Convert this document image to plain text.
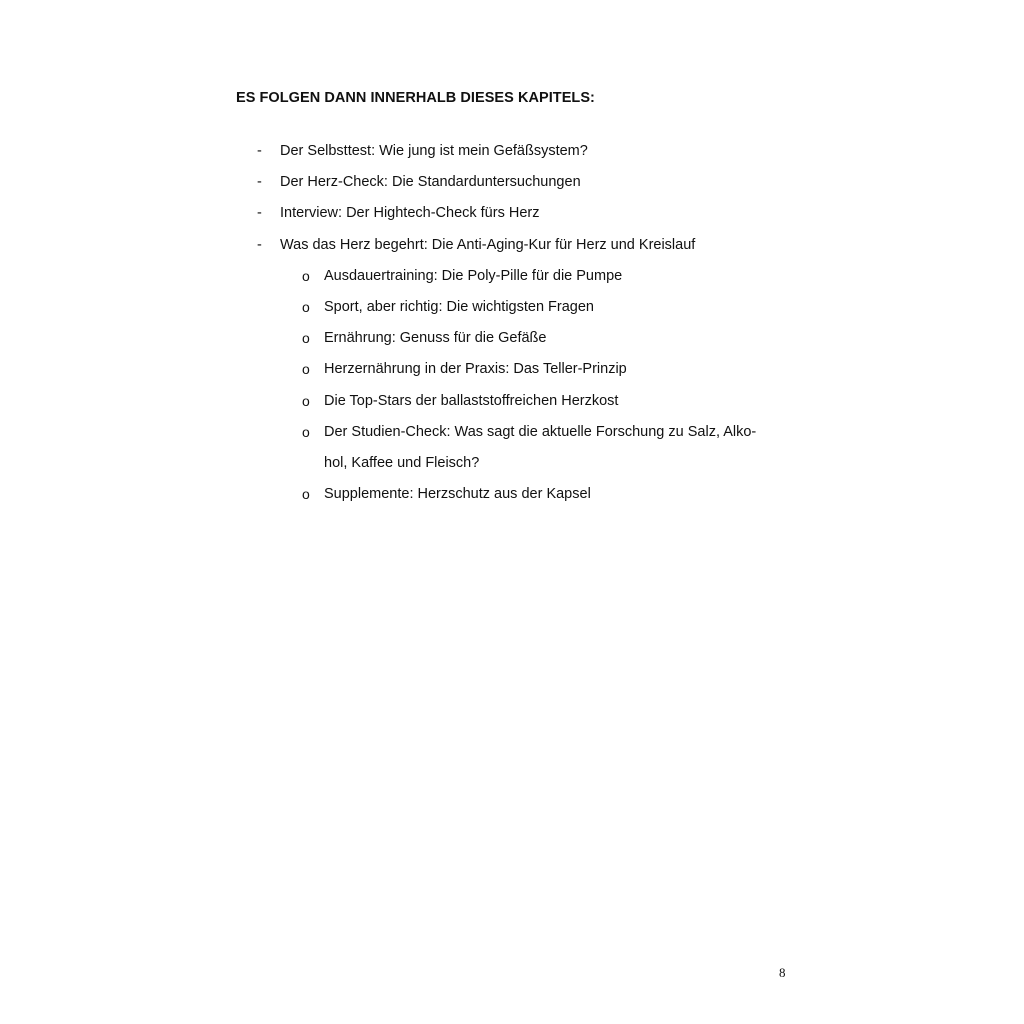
ES FOLGEN DANN INNERHALB DIESES KAPITELS:

- Der Selbsttest: Wie jung ist mein Gefäßsystem?
- Der Herz-Check: Die Standarduntersuchungen
- Interview: Der Hightech-Check fürs Herz
- Was das Herz begehrt: Die Anti-Aging-Kur für Herz und Kreislauf
o Ausdauertraining: Die Poly-Pille für die Pumpe
o Sport, aber richtig: Die wichtigsten Fragen
o Ernährung: Genuss für die Gefäße
o Herzernährung in der Praxis: Das Teller-Prinzip
o Die Top-Stars der ballaststoffreichen Herzkost
o Der Studien-Check: Was sagt die aktuelle Forschung zu Salz, Alko-hol, Kaffee und Fleisch?
o Supplemente: Herzschutz aus der Kapsel
8
